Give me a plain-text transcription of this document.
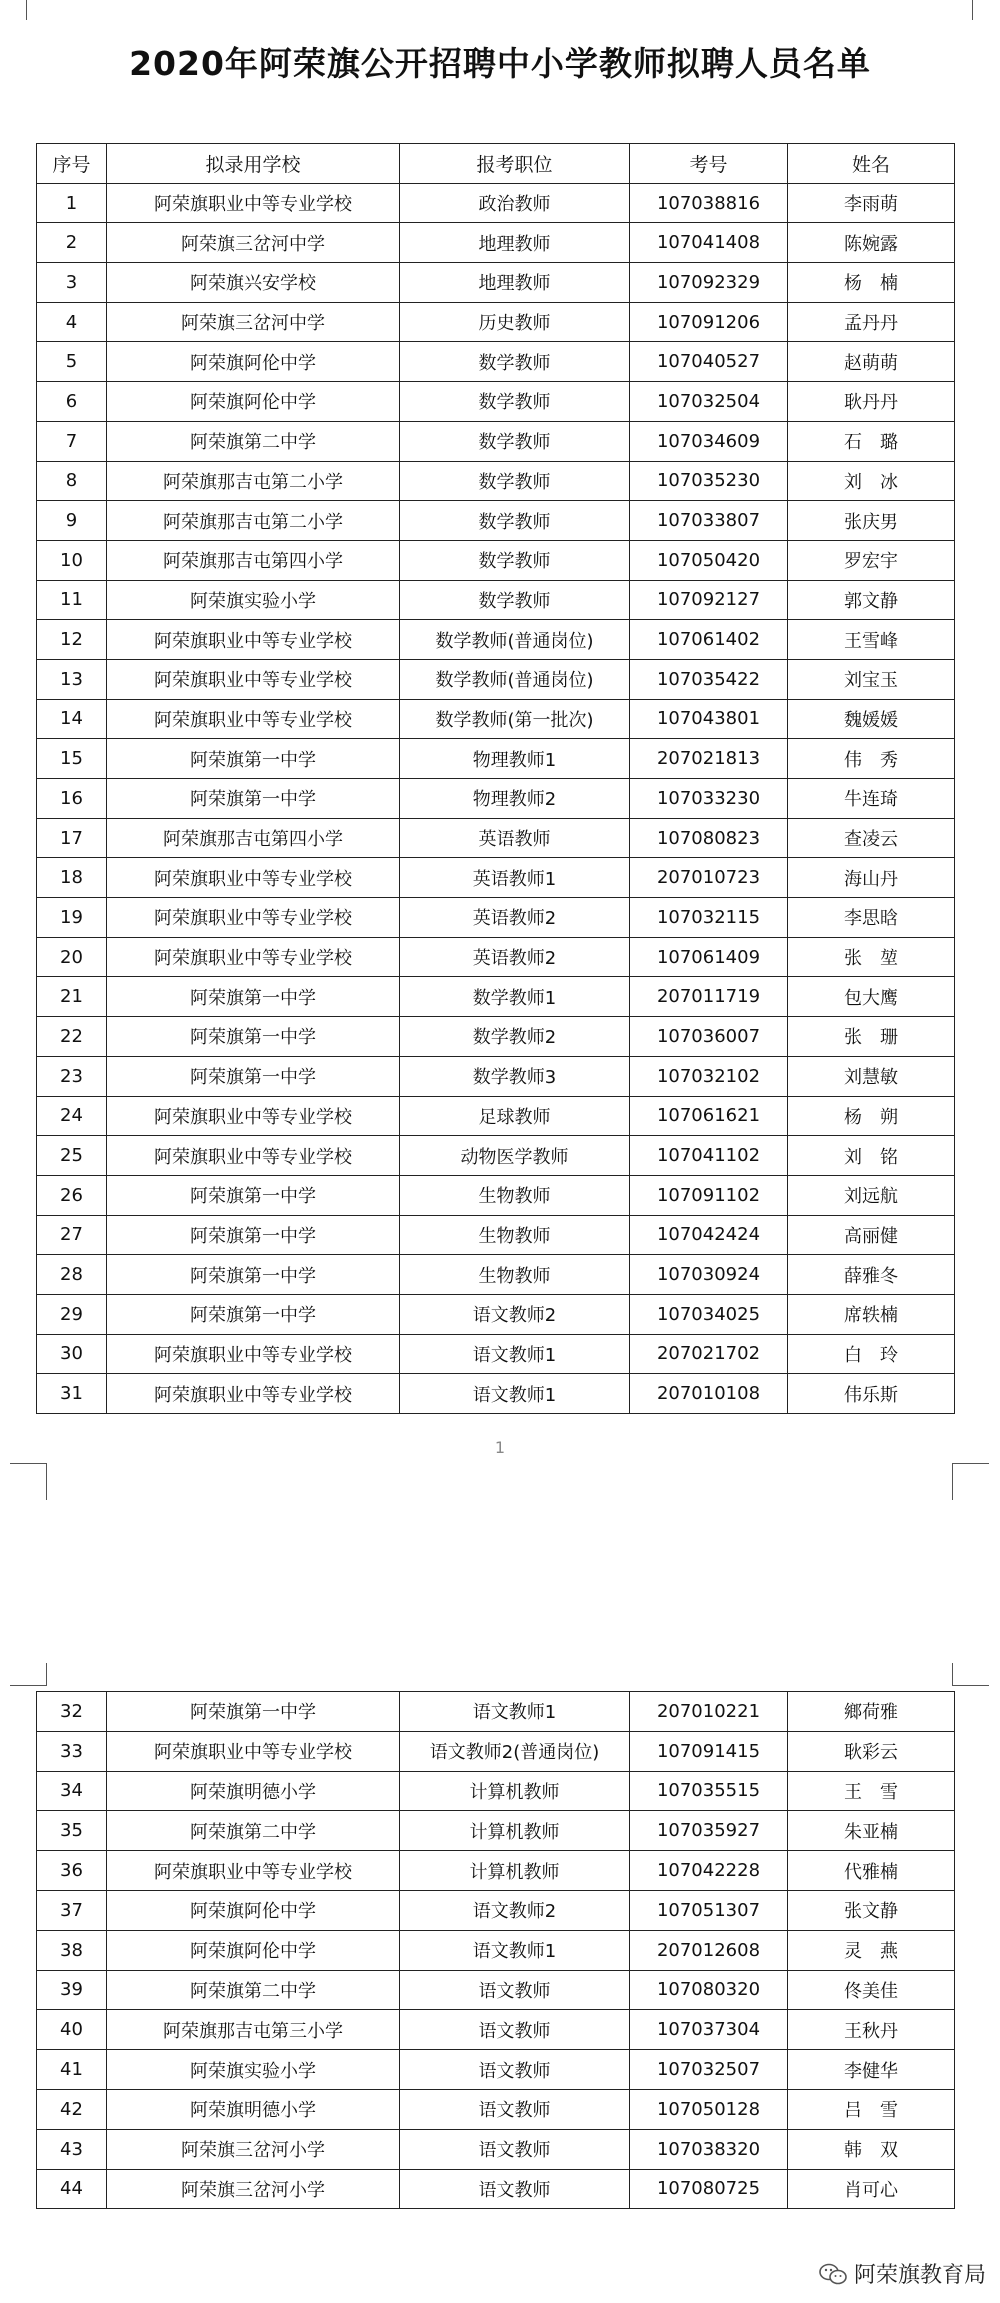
2020年阿荣旗公开招聘中小学教师拟聘人员名单
序号	拟录用学校	报考职位	考号	姓名
1	阿荣旗职业中等专业学校	政治教师	107038816	李雨萌
2	阿荣旗三岔河中学	地理教师	107041408	陈婉露
3	阿荣旗兴安学校	地理教师	107092329	杨　楠
4	阿荣旗三岔河中学	历史教师	107091206	孟丹丹
5	阿荣旗阿伦中学	数学教师	107040527	赵萌萌
6	阿荣旗阿伦中学	数学教师	107032504	耿丹丹
7	阿荣旗第二中学	数学教师	107034609	石　璐
8	阿荣旗那吉屯第二小学	数学教师	107035230	刘　冰
9	阿荣旗那吉屯第二小学	数学教师	107033807	张庆男
10	阿荣旗那吉屯第四小学	数学教师	107050420	罗宏宇
11	阿荣旗实验小学	数学教师	107092127	郭文静
12	阿荣旗职业中等专业学校	数学教师(普通岗位)	107061402	王雪峰
13	阿荣旗职业中等专业学校	数学教师(普通岗位)	107035422	刘宝玉
14	阿荣旗职业中等专业学校	数学教师(第一批次)	107043801	魏媛媛
15	阿荣旗第一中学	物理教师1	207021813	伟　秀
16	阿荣旗第一中学	物理教师2	107033230	牛连琦
17	阿荣旗那吉屯第四小学	英语教师	107080823	查凌云
18	阿荣旗职业中等专业学校	英语教师1	207010723	海山丹
19	阿荣旗职业中等专业学校	英语教师2	107032115	李思晗
20	阿荣旗职业中等专业学校	英语教师2	107061409	张　堃
21	阿荣旗第一中学	数学教师1	207011719	包大鹰
22	阿荣旗第一中学	数学教师2	107036007	张　珊
23	阿荣旗第一中学	数学教师3	107032102	刘慧敏
24	阿荣旗职业中等专业学校	足球教师	107061621	杨　朔
25	阿荣旗职业中等专业学校	动物医学教师	107041102	刘　铭
26	阿荣旗第一中学	生物教师	107091102	刘远航
27	阿荣旗第一中学	生物教师	107042424	高丽健
28	阿荣旗第一中学	生物教师	107030924	薛雅冬
29	阿荣旗第一中学	语文教师2	107034025	席轶楠
30	阿荣旗职业中等专业学校	语文教师1	207021702	白　玲
31	阿荣旗职业中等专业学校	语文教师1	207010108	伟乐斯
1
32	阿荣旗第一中学	语文教师1	207010221	鄉荷雅
33	阿荣旗职业中等专业学校	语文教师2(普通岗位)	107091415	耿彩云
34	阿荣旗明德小学	计算机教师	107035515	王　雪
35	阿荣旗第二中学	计算机教师	107035927	朱亚楠
36	阿荣旗职业中等专业学校	计算机教师	107042228	代雅楠
37	阿荣旗阿伦中学	语文教师2	107051307	张文静
38	阿荣旗阿伦中学	语文教师1	207012608	灵　燕
39	阿荣旗第二中学	语文教师	107080320	佟美佳
40	阿荣旗那吉屯第三小学	语文教师	107037304	王秋丹
41	阿荣旗实验小学	语文教师	107032507	李健华
42	阿荣旗明德小学	语文教师	107050128	吕　雪
43	阿荣旗三岔河小学	语文教师	107038320	韩　双
44	阿荣旗三岔河小学	语文教师	107080725	肖可心
阿荣旗教育局
